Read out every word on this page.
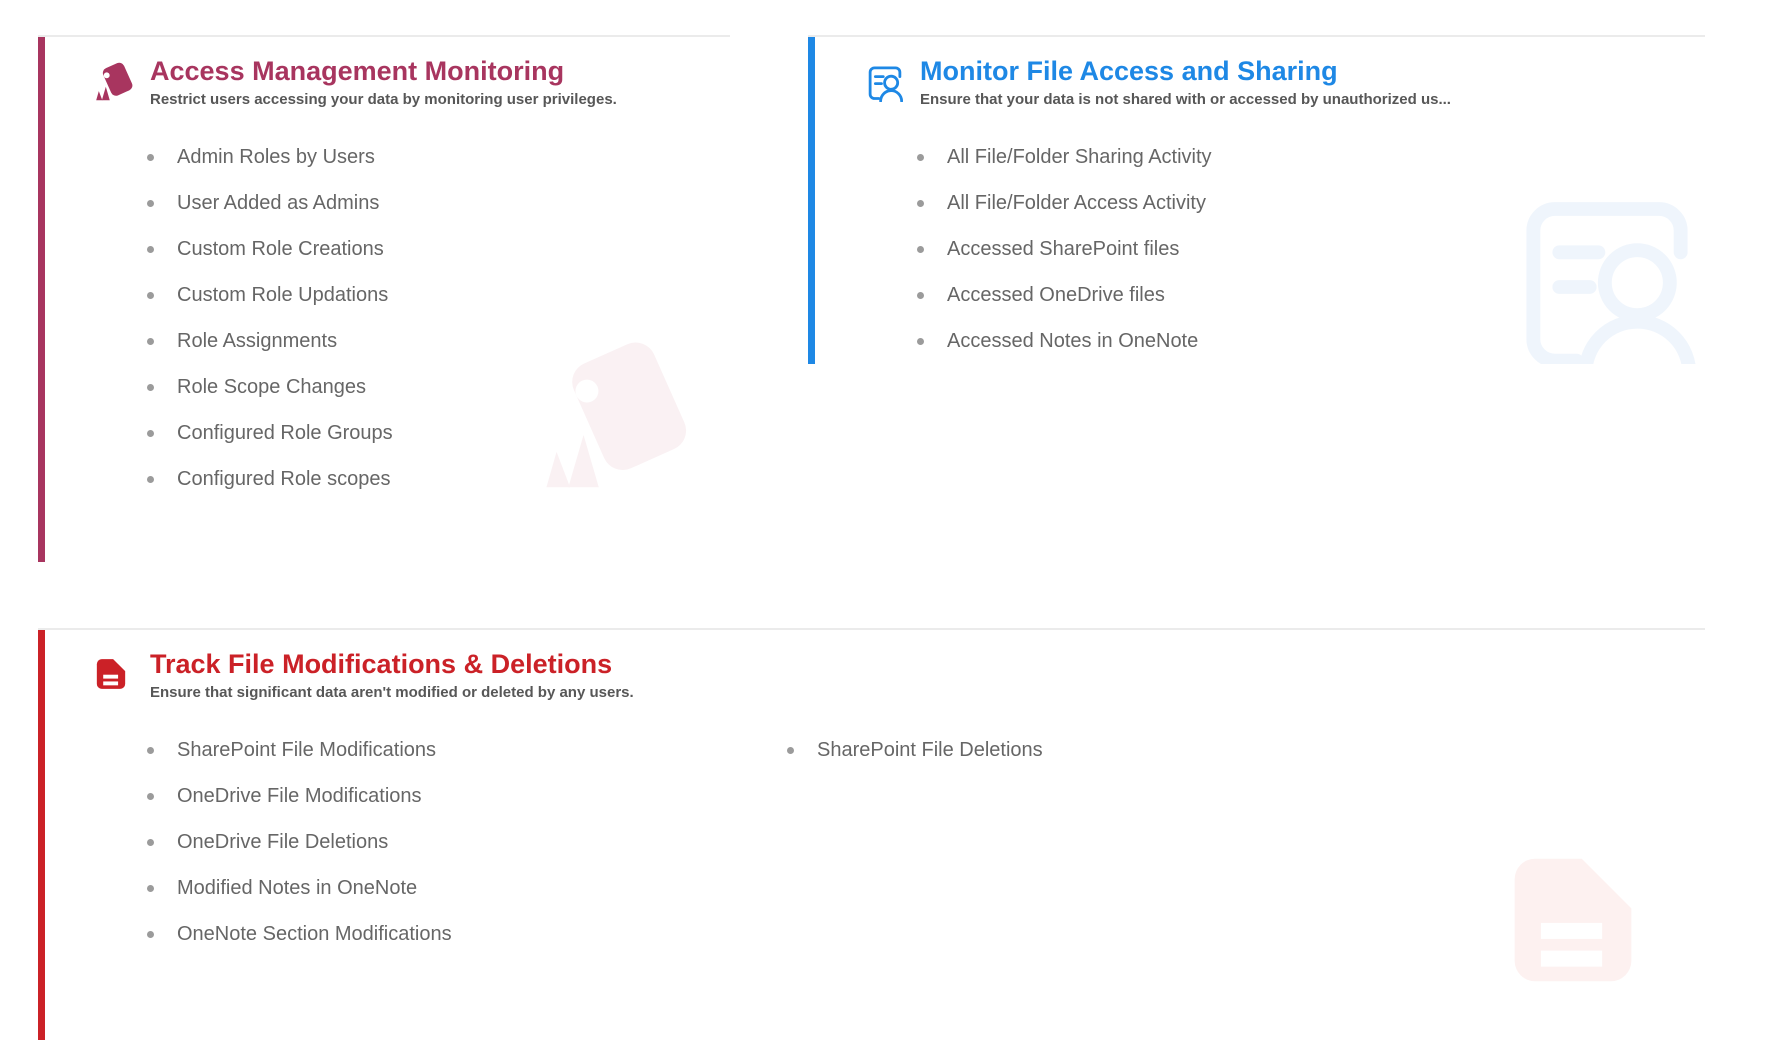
Access Management Monitoring

Restrict users accessing your data by monitoring user privileges.

Admin Roles by Users
User Added as Admins
Custom Role Creations
Custom Role Updations
Role Assignments
Role Scope Changes
Configured Role Groups
Configured Role scopes
Monitor File Access and Sharing

Ensure that your data is not shared with or accessed by unauthorized us...

All File/Folder Sharing Activity
All File/Folder Access Activity
Accessed SharePoint files
Accessed OneDrive files
Accessed Notes in OneNote
Track File Modifications & Deletions

Ensure that significant data aren't modified or deleted by any users.

SharePoint File Modifications
OneDrive File Modifications
OneDrive File Deletions
Modified Notes in OneNote
OneNote Section Modifications
SharePoint File Deletions
